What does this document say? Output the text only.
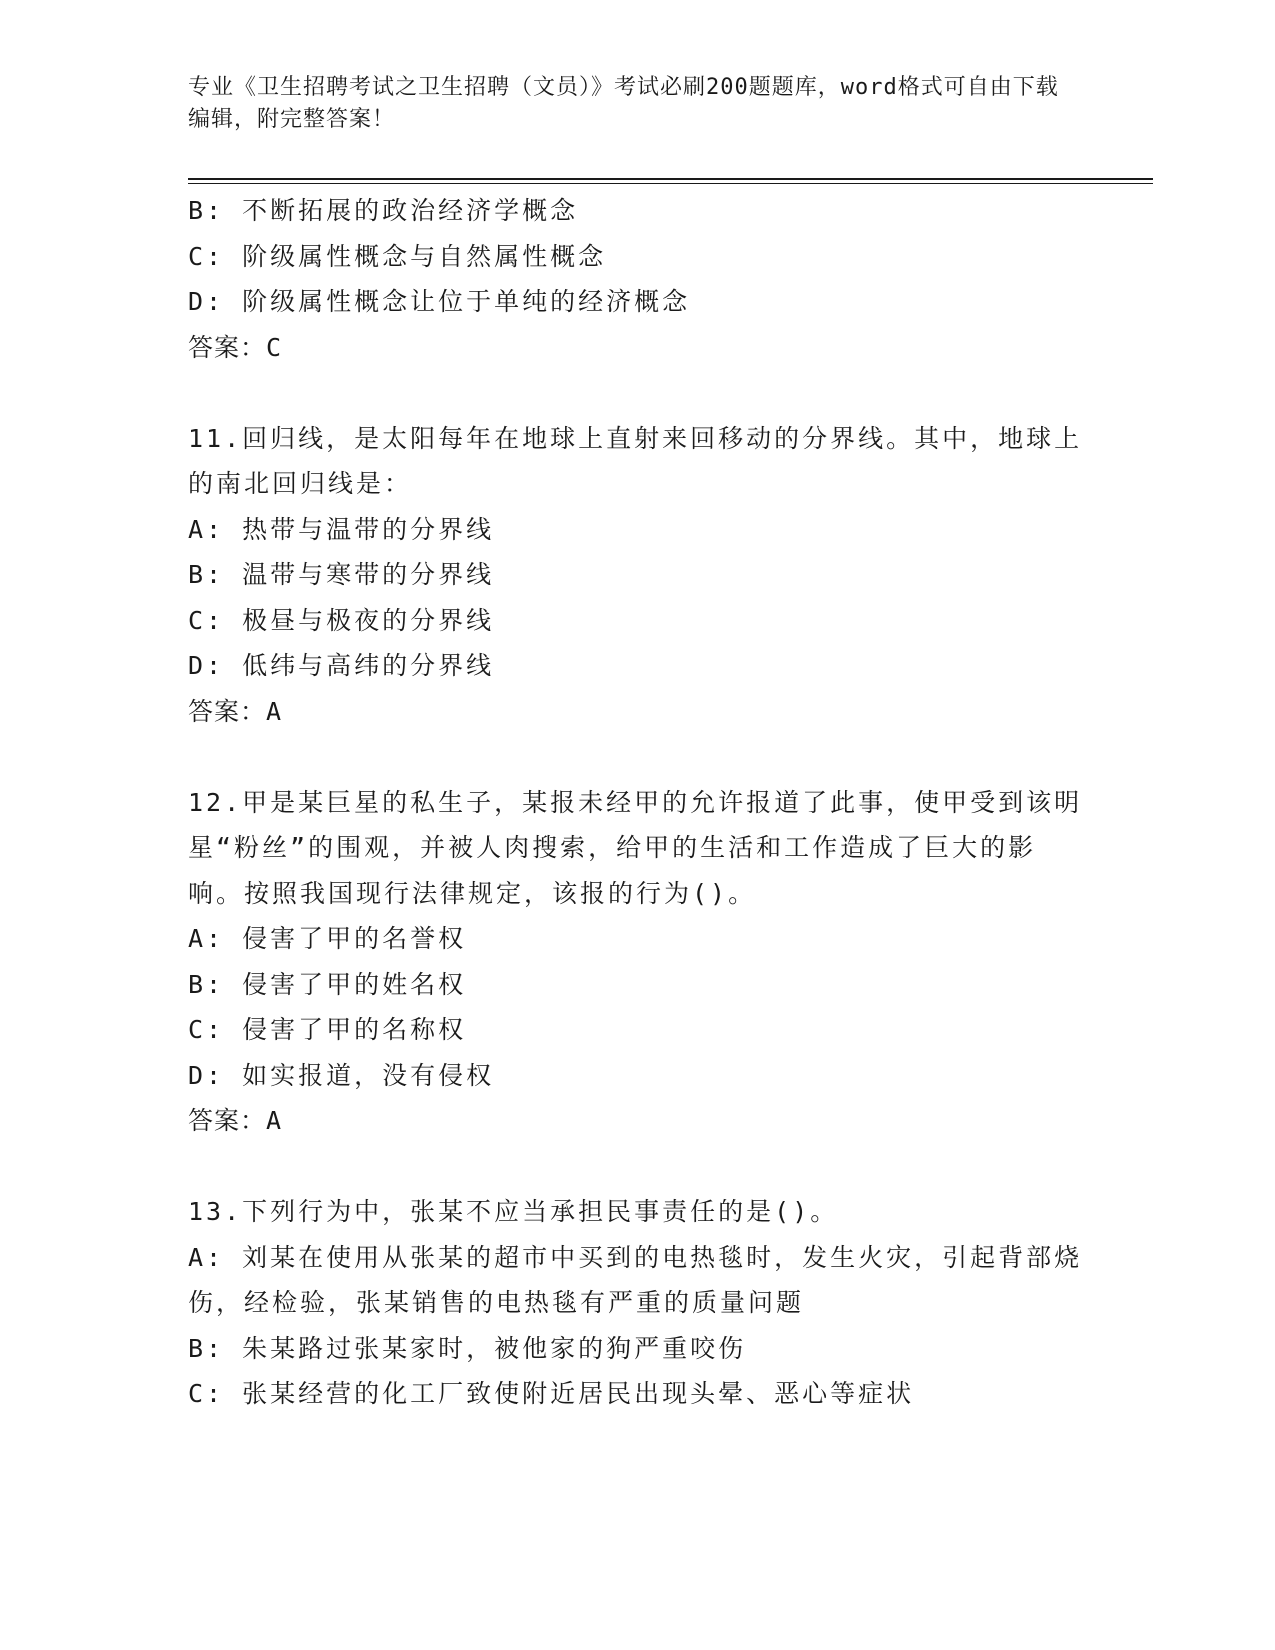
专业《卫生招聘考试之卫生招聘（文员）》考试必刷200题题库，word格式可自由下载编辑，附完整答案！

B: 不断拓展的政治经济学概念

C: 阶级属性概念与自然属性概念

D: 阶级属性概念让位于单纯的经济概念

答案：C

11.回归线，是太阳每年在地球上直射来回移动的分界线。其中，地球上的南北回归线是：

A: 热带与温带的分界线

B: 温带与寒带的分界线

C: 极昼与极夜的分界线

D: 低纬与高纬的分界线

答案：A

12.甲是某巨星的私生子，某报未经甲的允许报道了此事，使甲受到该明星“粉丝”的围观，并被人肉搜索，给甲的生活和工作造成了巨大的影响。按照我国现行法律规定，该报的行为()。

A: 侵害了甲的名誉权

B: 侵害了甲的姓名权

C: 侵害了甲的名称权

D: 如实报道，没有侵权

答案：A

13.下列行为中，张某不应当承担民事责任的是()。

A: 刘某在使用从张某的超市中买到的电热毯时，发生火灾，引起背部烧伤，经检验，张某销售的电热毯有严重的质量问题

B: 朱某路过张某家时，被他家的狗严重咬伤

C: 张某经营的化工厂致使附近居民出现头晕、恶心等症状
